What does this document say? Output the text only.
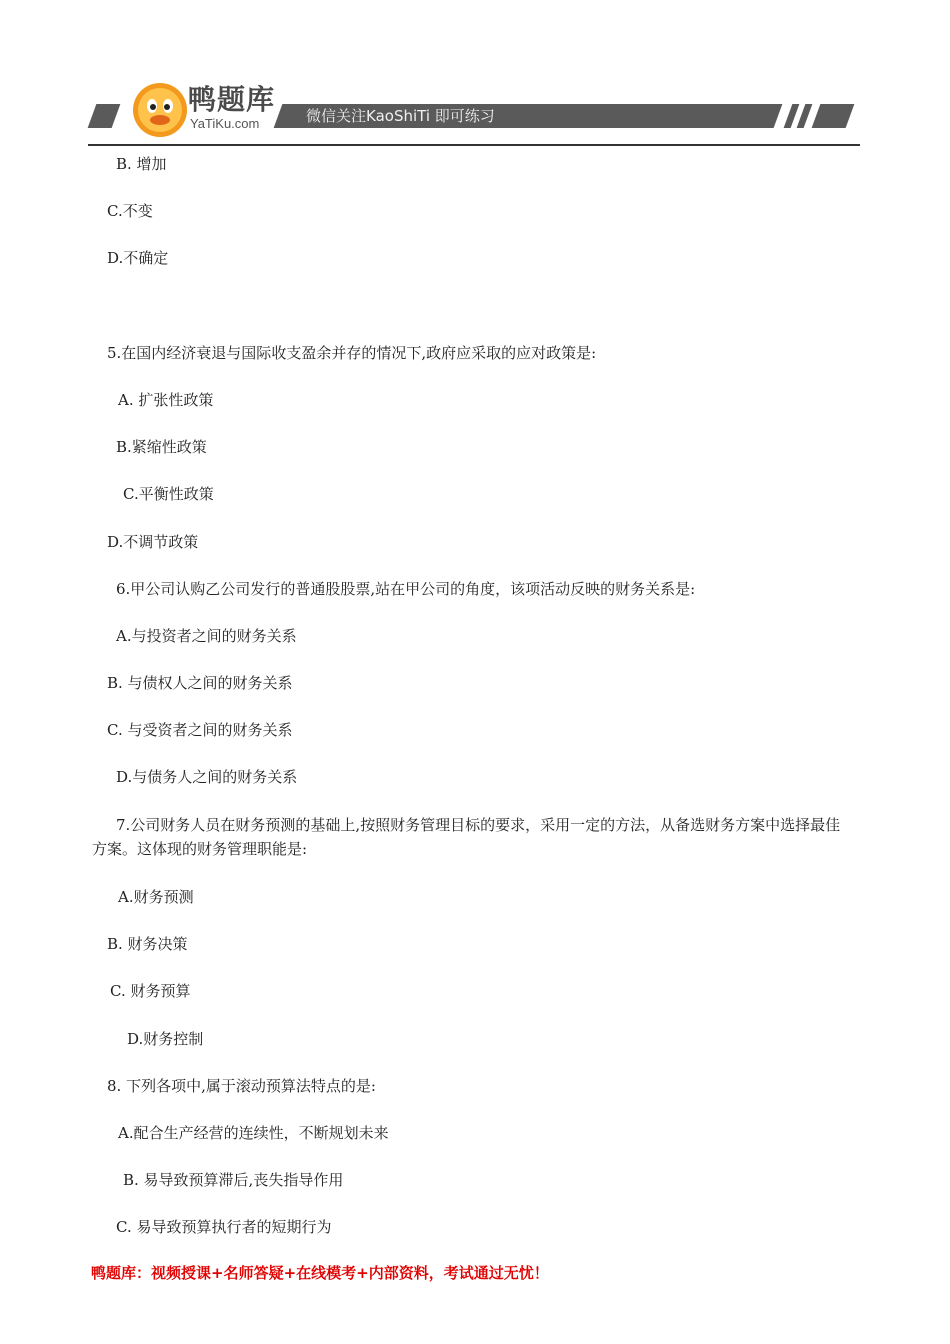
微信关注KaoShiTi 即可练习
鸭题库
YaTiKu.com
B. 增加
C.不变
D.不确定
5.在国内经济衰退与国际收支盈余并存的情况下,政府应采取的应对政策是:
A. 扩张性政策
B.紧缩性政策
C.平衡性政策
D.不调节政策
6.甲公司认购乙公司发行的普通股股票,站在甲公司的角度，该项活动反映的财务关系是:
A.与投资者之间的财务关系
B. 与债权人之间的财务关系
C. 与受资者之间的财务关系
D.与债务人之间的财务关系
7.公司财务人员在财务预测的基础上,按照财务管理目标的要求，采用一定的方法，从备选财务方案中选择最佳方案。这体现的财务管理职能是:
A.财务预测
B. 财务决策
C. 财务预算
D.财务控制
8. 下列各项中,属于滚动预算法特点的是:
A.配合生产经营的连续性，不断规划未来
B. 易导致预算滞后,丧失指导作用
C. 易导致预算执行者的短期行为
鸭题库：视频授课+名师答疑+在线模考+内部资料，考试通过无忧！
